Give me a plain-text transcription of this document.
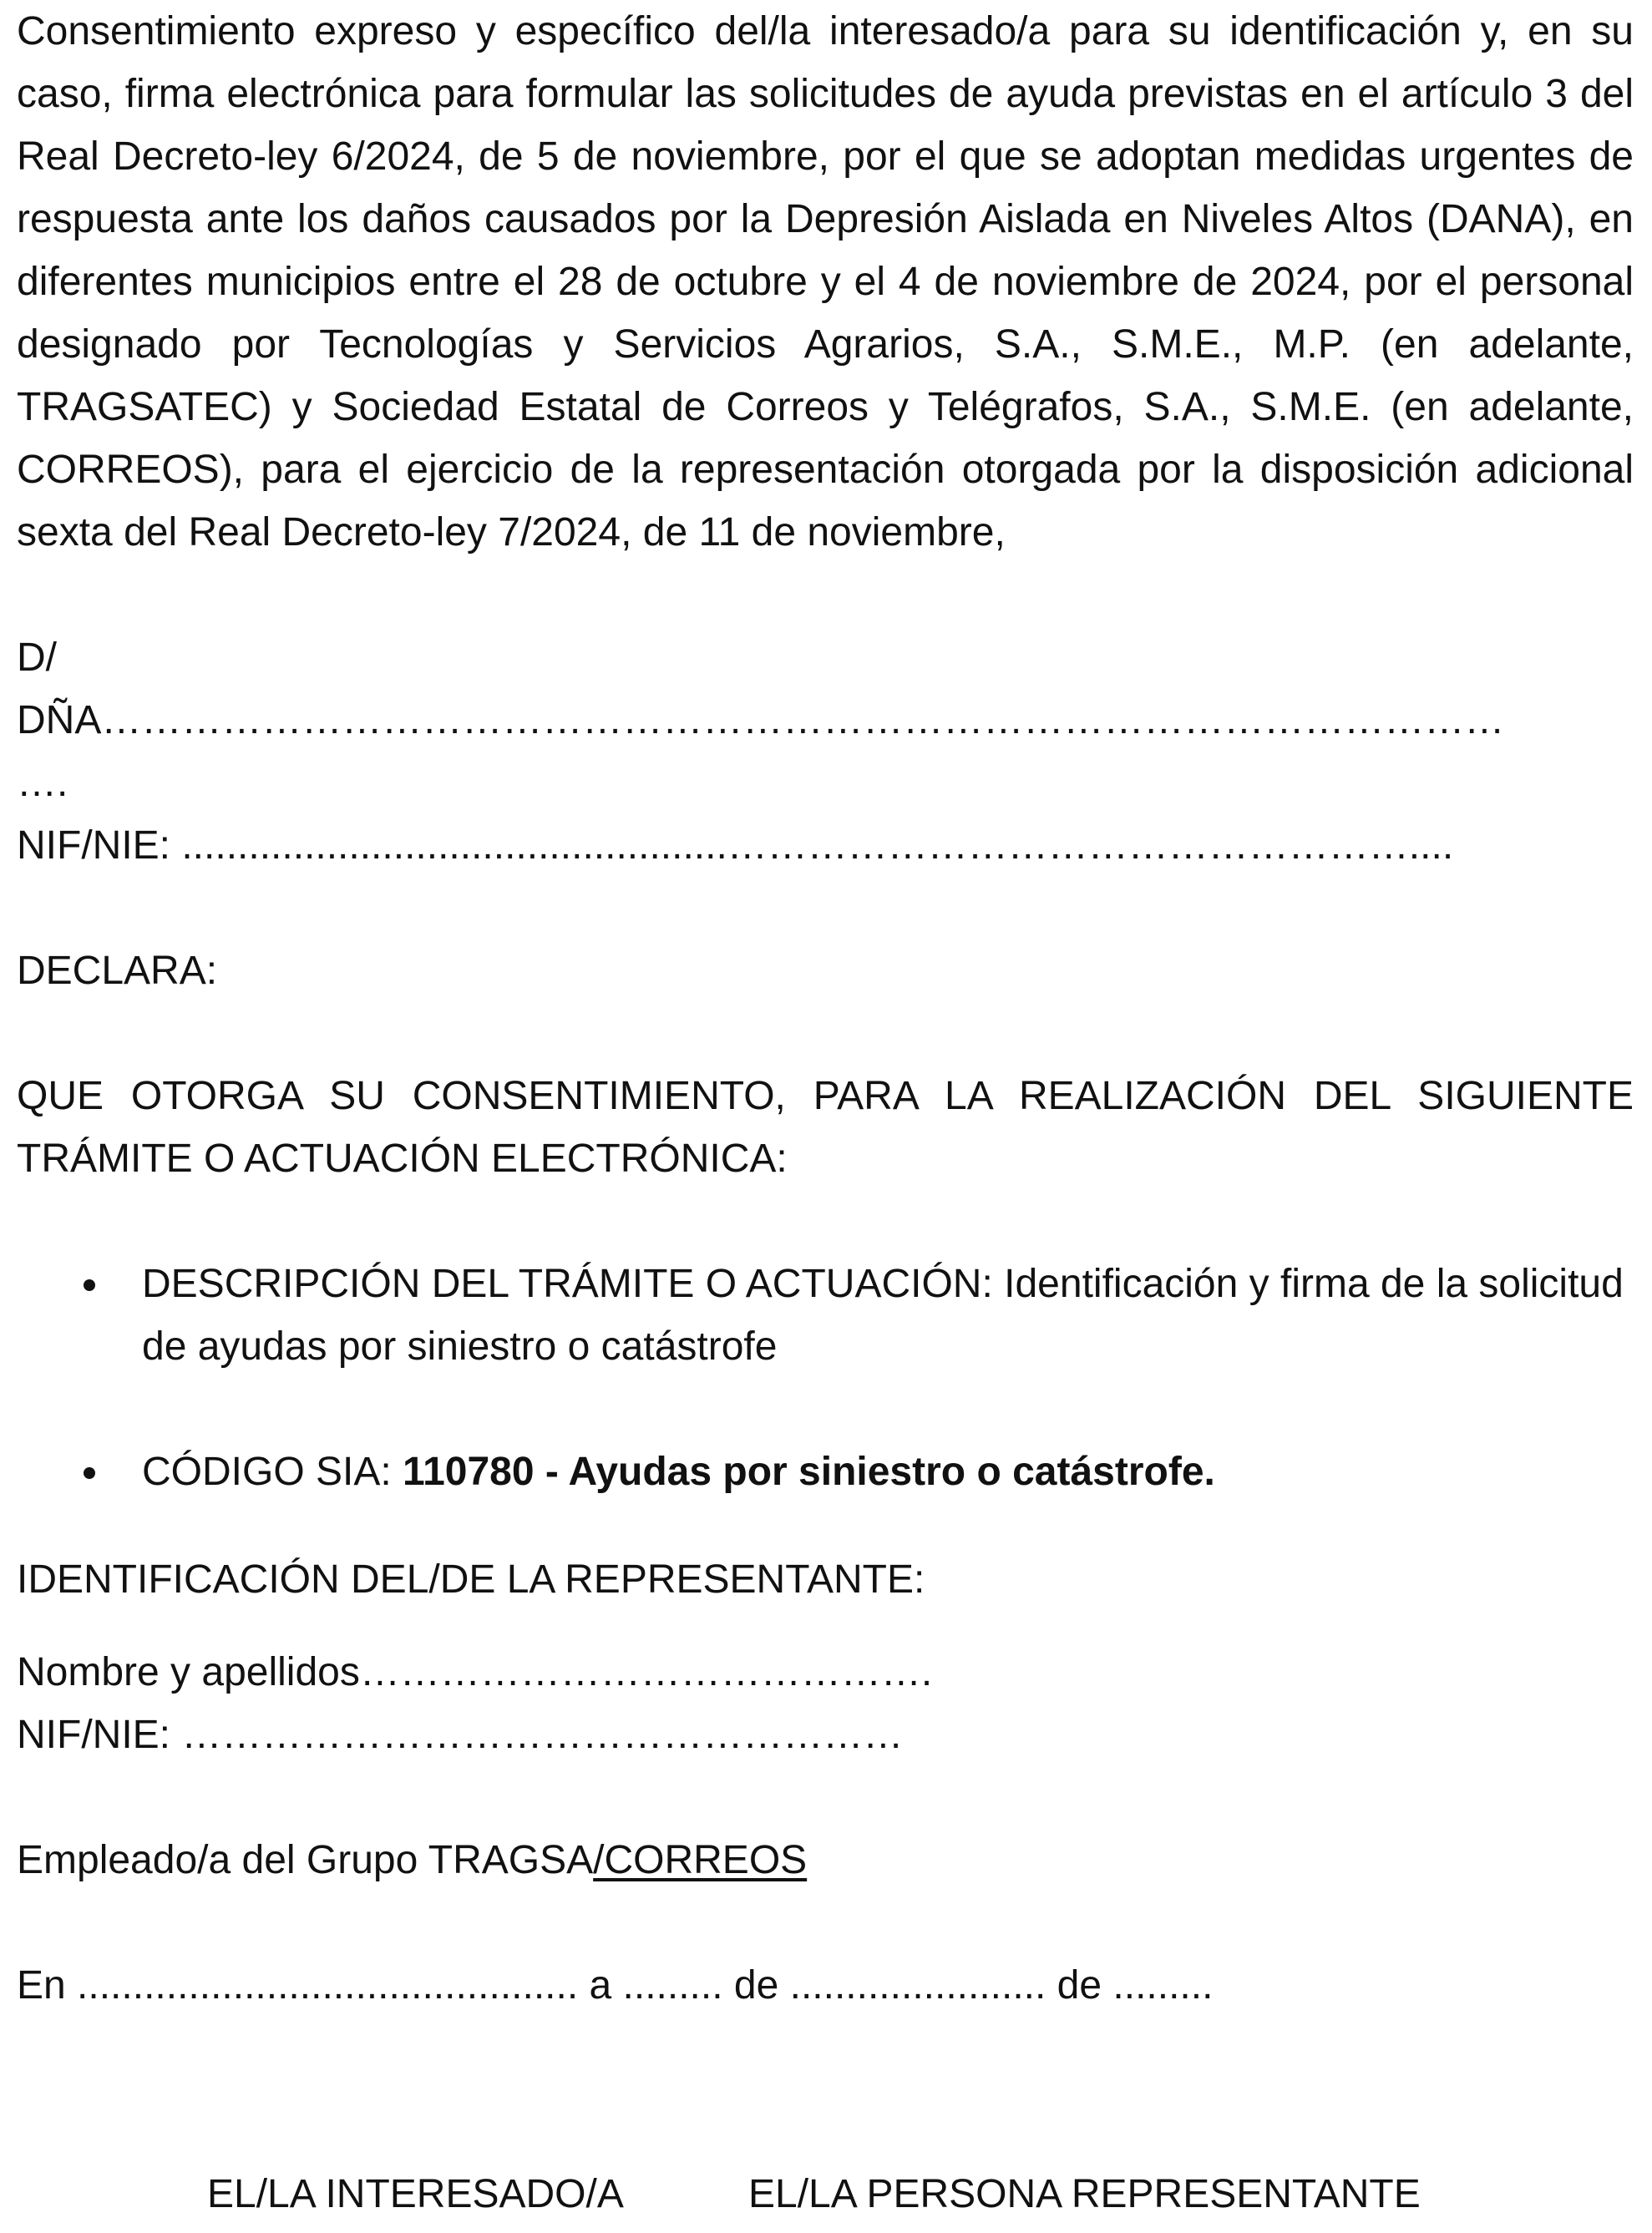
Consentimiento expreso y específico del/la interesado/a para su identificación y, en su caso, firma electrónica para formular las solicitudes de ayuda previstas en el artículo 3 del Real Decreto-ley 6/2024, de 5 de noviembre, por el que se adoptan medidas urgentes de respuesta ante los daños causados por la Depresión Aislada en Niveles Altos (DANA), en diferentes municipios entre el 28 de octubre y el 4 de noviembre de 2024, por el personal designado por Tecnologías y Servicios Agrarios, S.A., S.M.E., M.P. (en adelante, TRAGSATEC) y Sociedad Estatal de Correos y Telégrafos, S.A., S.M.E. (en adelante, CORREOS), para el ejercicio de la representación otorgada por la disposición adicional sexta del Real Decreto-ley 7/2024, de 11 de noviembre,

D/

DÑA……………………………………………………………………………………………

….

NIF/NIE: .................................................……………………………………………....

DECLARA:

QUE OTORGA SU CONSENTIMIENTO, PARA LA REALIZACIÓN DEL SIGUIENTE TRÁMITE O ACTUACIÓN ELECTRÓNICA:

DESCRIPCIÓN DEL TRÁMITE O ACTUACIÓN: Identificación y firma de la solicitud de ayudas por siniestro o catástrofe
CÓDIGO SIA: 110780 - Ayudas por siniestro o catástrofe.

IDENTIFICACIÓN DEL/DE LA REPRESENTANTE:

Nombre y apellidos…………………………………….

NIF/NIE: ………………………………………………

Empleado/a del Grupo TRAGSA/CORREOS

En ............................................. a ......... de ....................... de .........

EL/LA INTERESADO/A	EL/LA PERSONA REPRESENTANTE
